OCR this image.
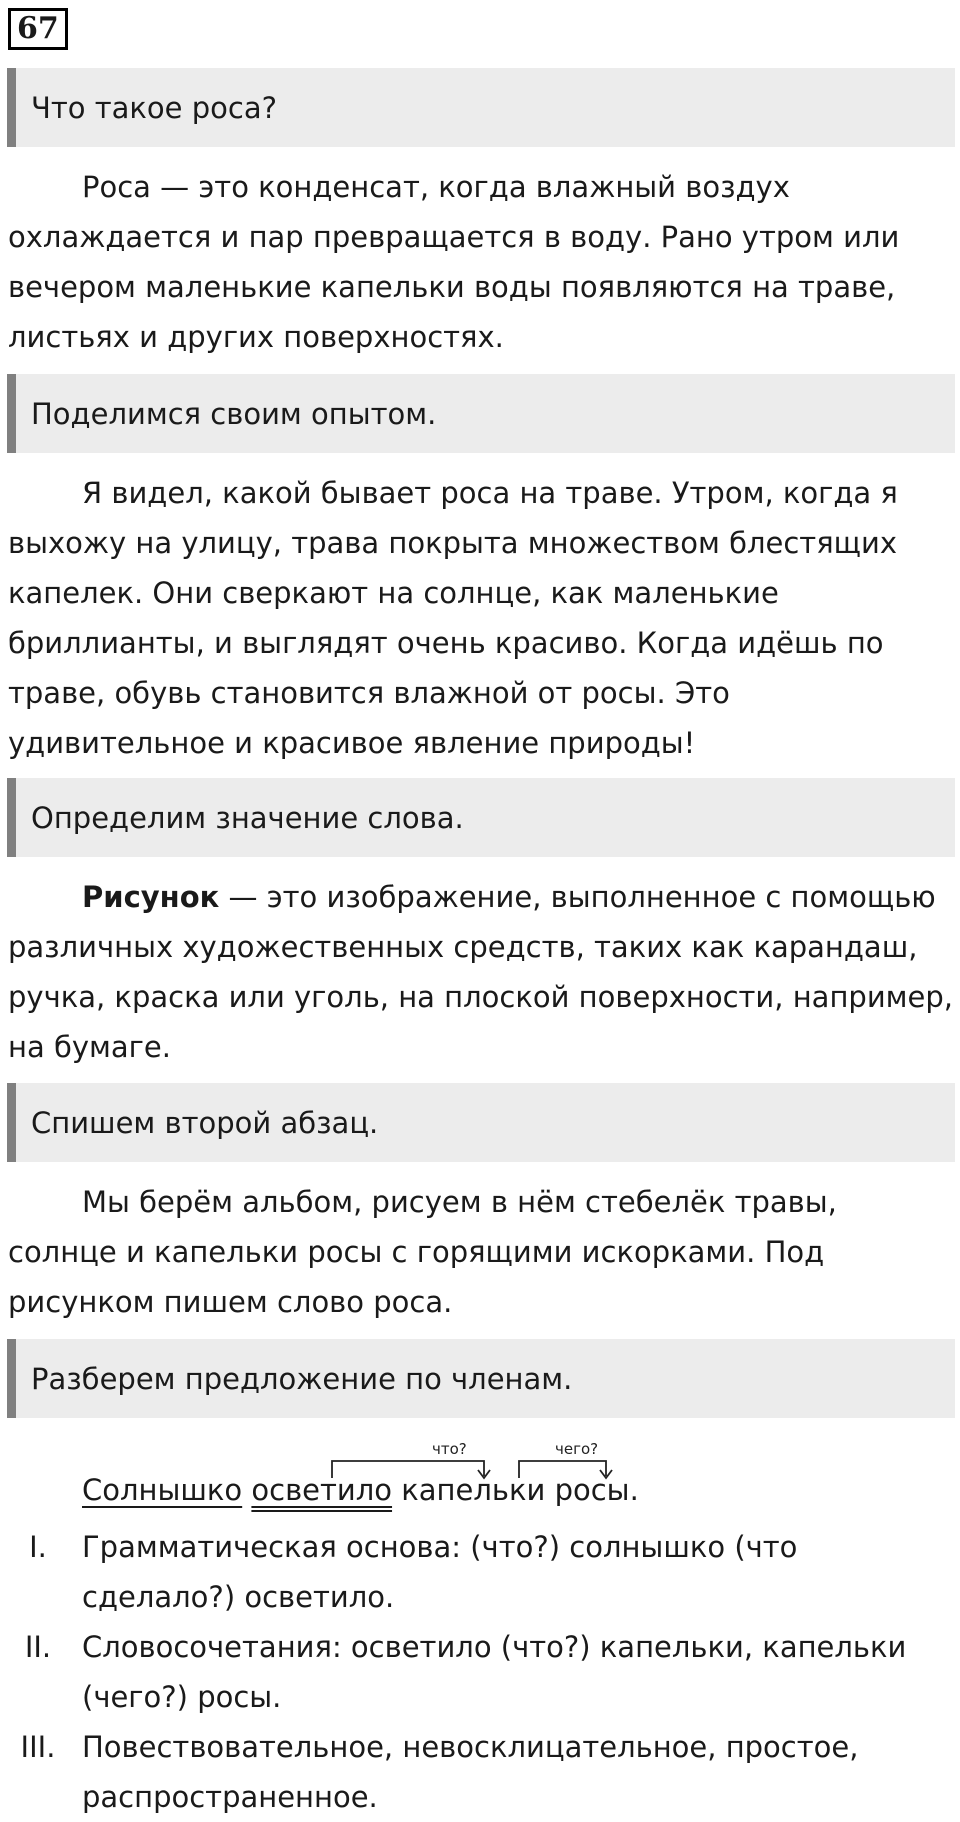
67
Что такое роса?

Роса — это конденсат, когда влажный воздух охлаждается и пар превращается в воду. Рано утром или вечером маленькие капельки воды появляются на траве, листьях и других поверхностях.

Поделимся своим опытом.

Я видел, какой бывает роса на траве. Утром, когда я выхожу на улицу, трава покрыта множеством блестящих капелек. Они сверкают на солнце, как маленькие бриллианты, и выглядят очень красиво. Когда идёшь по траве, обувь становится влажной от росы. Это удивительное и красивое явление природы!

Определим значение слова.

Рисунок — это изображение, выполненное с помощью различных художественных средств, таких как карандаш, ручка, краска или уголь, на плоской поверхности, например, на бумаге.

Спишем второй абзац.

Мы берём альбом, рисуем в нём стебелёк травы, солнце и капельки росы с горящими искорками. Под рисунком пишем слово роса.

Разберем предложение по членам.
Солнышко осветило капельки росы.
что?	чего?
I.	Грамматическая основа: (что?) солнышко (что сделало?) осветило.
II.	Словосочетания: осветило (что?) капельки, капельки (чего?) росы.
III. Повествовательное, невосклицательное, простое, распространенное.
